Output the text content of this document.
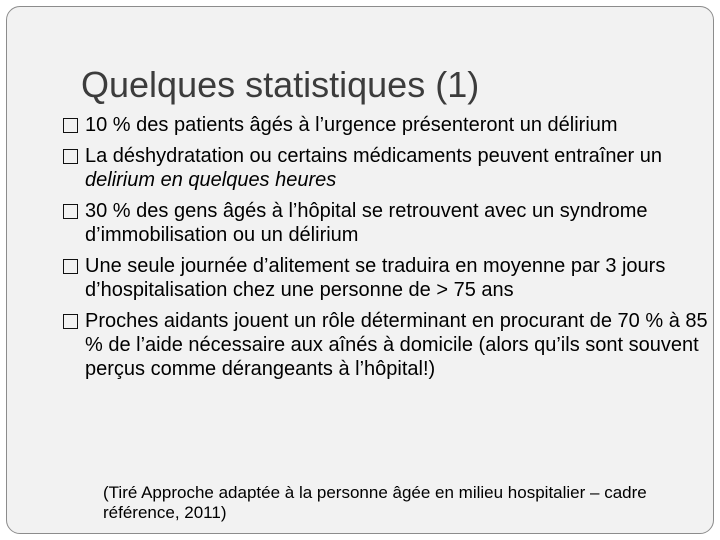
Quelques statistiques (1)
10 % des patients âgés à l’urgence présenteront un délirium
La déshydratation ou certains médicaments peuvent entraîner un delirium en quelques heures
30 % des gens âgés à l’hôpital se retrouvent avec un syndrome d’immobilisation ou un délirium
Une seule journée d’alitement se traduira en moyenne par 3 jours d’hospitalisation chez une personne de > 75 ans
Proches aidants jouent un rôle déterminant en procurant de 70 % à 85 % de l’aide nécessaire aux aînés à domicile (alors qu’ils sont souvent perçus comme dérangeants à l’hôpital!)

(Tiré Approche adaptée à la personne âgée en milieu hospitalier – cadre référence, 2011)
